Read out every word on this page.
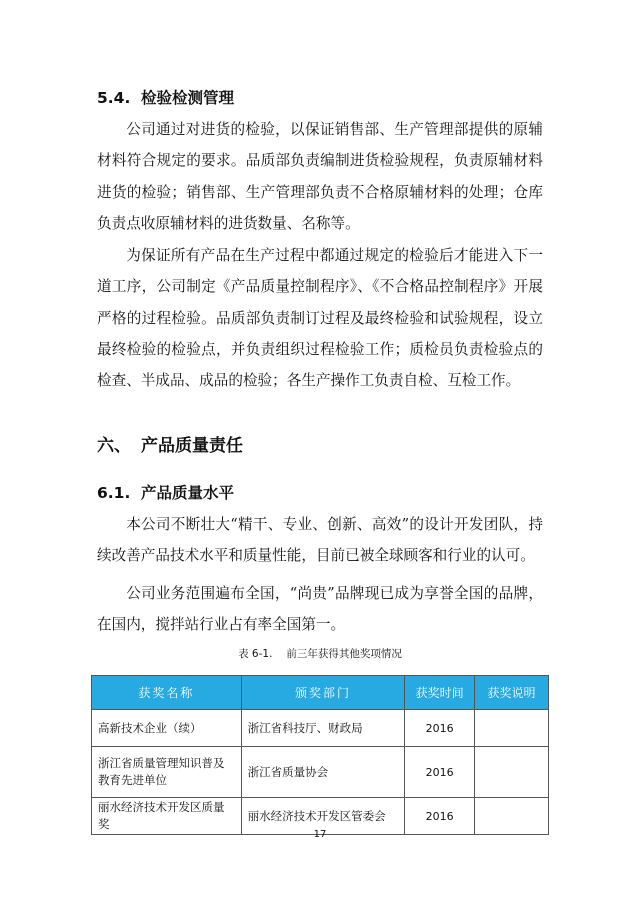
5.4. 检验检测管理

公司通过对进货的检验，以保证销售部、生产管理部提供的原辅材料符合规定的要求。品质部负责编制进货检验规程，负责原辅材料进货的检验；销售部、生产管理部负责不合格原辅材料的处理；仓库负责点收原辅材料的进货数量、名称等。

为保证所有产品在生产过程中都通过规定的检验后才能进入下一道工序，公司制定《产品质量控制程序》、《不合格品控制程序》开展严格的过程检验。品质部负责制订过程及最终检验和试验规程，设立最终检验的检验点，并负责组织过程检验工作；质检员负责检验点的检查、半成品、成品的检验；各生产操作工负责自检、互检工作。

六、 产品质量责任
6.1. 产品质量水平

本公司不断壮大“精干、专业、创新、高效”的设计开发团队，持续改善产品技术水平和质量性能，目前已被全球顾客和行业的认可。

公司业务范围遍布全国，“尚贵”品牌现已成为享誉全国的品牌，在国内，搅拌站行业占有率全国第一。

表 6-1. 前三年获得其他奖项情况
获奖名称	颁奖部门	获奖时间	获奖说明
高新技术企业（续）	浙江省科技厅、财政局	2016	
浙江省质量管理知识普及教育先进单位	浙江省质量协会	2016	
丽水经济技术开发区质量奖	丽水经济技术开发区管委会	2016	
17
